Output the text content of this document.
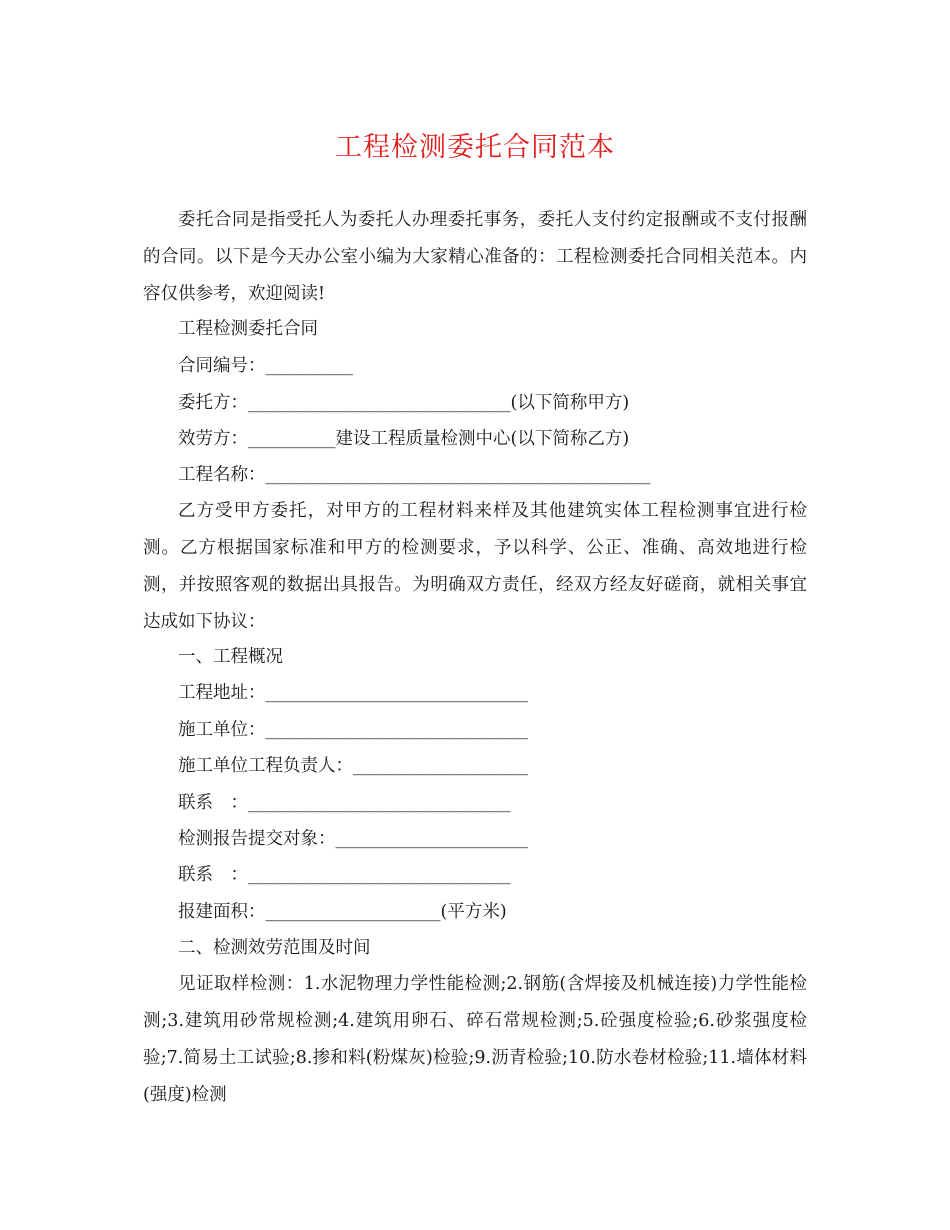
工程检测委托合同范本

委托合同是指受托人为委托人办理委托事务，委托人支付约定报酬或不支付报酬的合同。以下是今天办公室小编为大家精心准备的：工程检测委托合同相关范本。内容仅供参考，欢迎阅读!

工程检测委托合同

合同编号：__________

委托方：______________________________(以下简称甲方)

效劳方：__________建设工程质量检测中心(以下简称乙方)

工程名称：____________________________________________

乙方受甲方委托，对甲方的工程材料来样及其他建筑实体工程检测事宜进行检测。乙方根据国家标准和甲方的检测要求，予以科学、公正、准确、高效地进行检测，并按照客观的数据出具报告。为明确双方责任，经双方经友好磋商，就相关事宜达成如下协议：

一、工程概况

工程地址：______________________________

施工单位：______________________________

施工单位工程负责人：____________________

联系　：______________________________

检测报告提交对象：______________________

联系　：______________________________

报建面积：____________________(平方米)

二、检测效劳范围及时间

见证取样检测：1.水泥物理力学性能检测;2.钢筋(含焊接及机械连接)力学性能检测;3.建筑用砂常规检测;4.建筑用卵石、碎石常规检测;5.砼强度检验;6.砂浆强度检验;7.简易土工试验;8.掺和料(粉煤灰)检验;9.沥青检验;10.防水卷材检验;11.墙体材料(强度)检测
